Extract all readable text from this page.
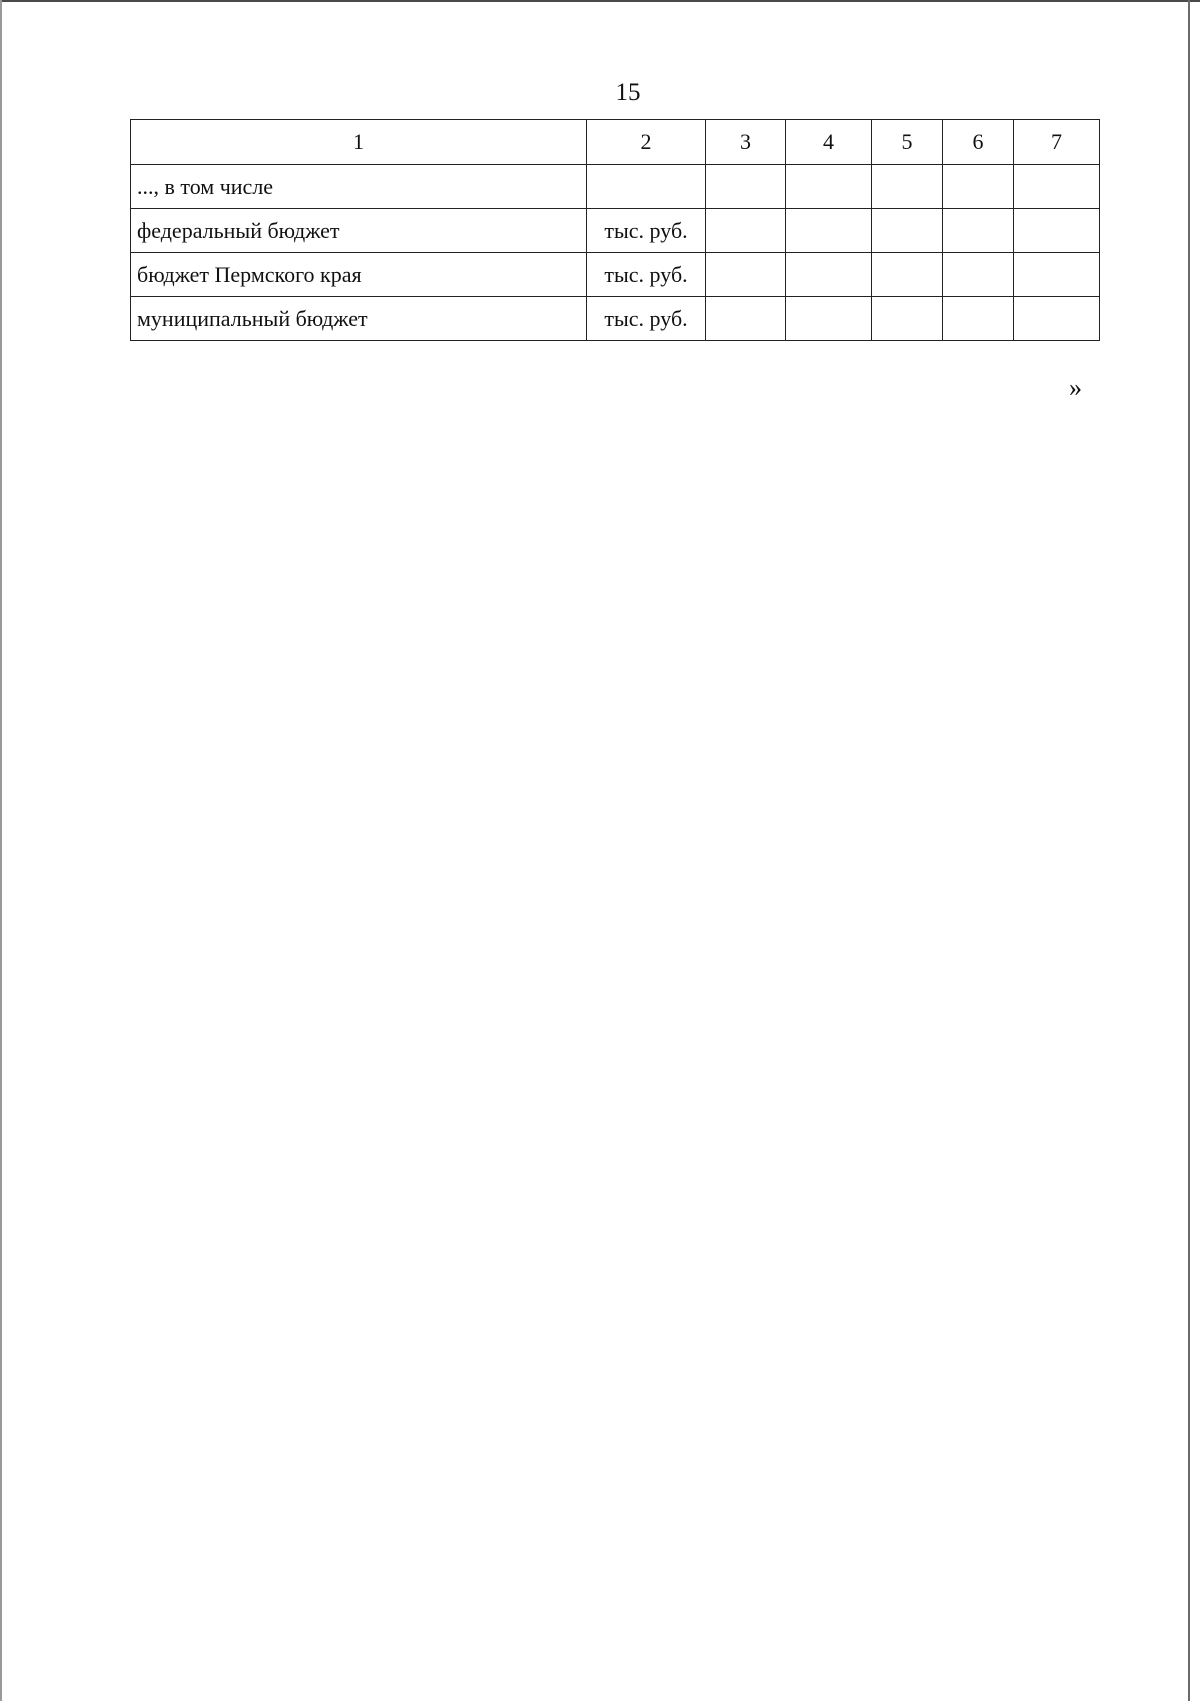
15
1	2	3	4	5	6	7
..., в том числе						
федеральный бюджет	тыс. руб.					
бюджет Пермского края	тыс. руб.					
муниципальный бюджет	тыс. руб.					
»
